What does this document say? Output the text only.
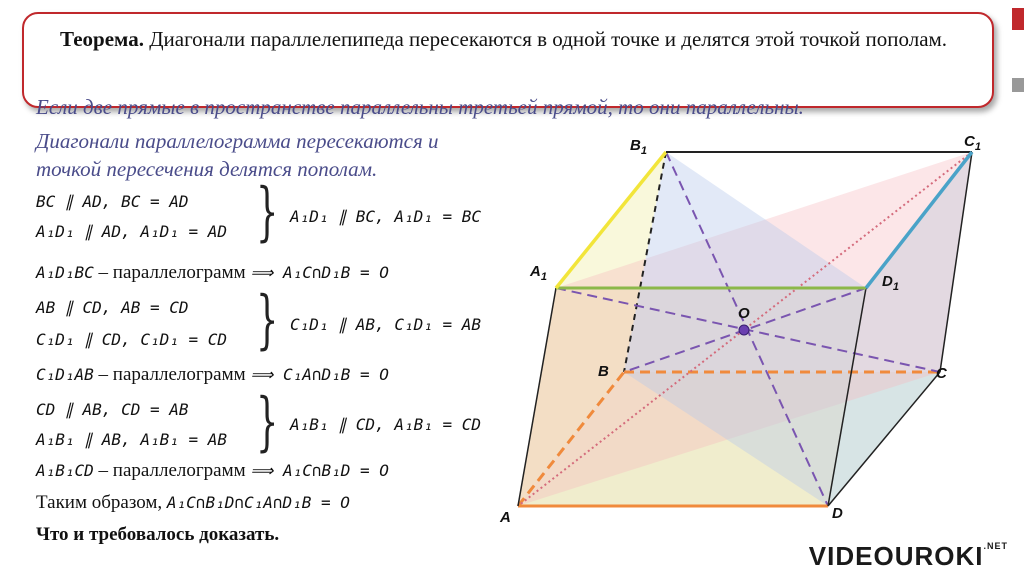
Теорема. Диагонали параллелепипеда пересекаются в одной точке и делятся этой точкой пополам.
Если две прямые в пространстве параллельны третьей прямой, то они параллельны.
Диагонали параллелограмма пересекаются и
точкой пересечения делятся пополам.
BC ∥ AD, BC = AD
A₁D₁ ∥ AD, A₁D₁ = AD } A₁D₁ ∥ BC, A₁D₁ = BC
A₁D₁BC – параллелограмм ⟹ A₁C∩D₁B = O
AB ∥ CD, AB = CD
C₁D₁ ∥ CD, C₁D₁ = CD } C₁D₁ ∥ AB, C₁D₁ = AB
C₁D₁AB – параллелограмм ⟹ C₁A∩D₁B = O
CD ∥ AB, CD = AB
A₁B₁ ∥ AB, A₁B₁ = AB } A₁B₁ ∥ CD, A₁B₁ = CD
A₁B₁CD – параллелограмм ⟹ A₁C∩B₁D = O
Таким образом, A₁C∩B₁D∩C₁A∩D₁B = O
Что и требовалось доказать.
A	D
B	C
$A_1$
$B_1$
$C_1$
$D_1$
O
$VIDEOUROKI^{.NET}$
